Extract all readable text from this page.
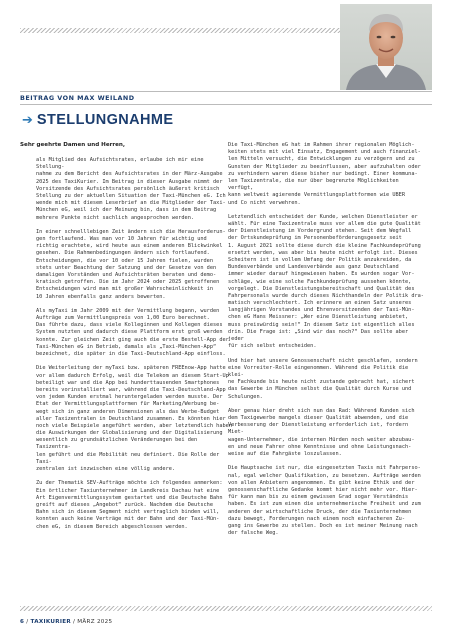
BEITRAG VON MAX WEILAND
➔ STELLUNGNAHME
Sehr geehrte Damen und Herren,

als Mitglied des Aufsichtsrates, erlaube ich mir eine Stellung-

nahme zu dem Bericht des Aufsichtsrates in der März-Ausgabe

2025 des TaxiKurier. Im Beitrag in dieser Ausgabe nimmt der

Vorsitzende des Aufsichtsrates persönlich äußerst kritisch

Stellung zu der aktuellen Situation der Taxi-München eG. Ich

wende mich mit diesem Leserbrief an die Mitglieder der Taxi-

München eG, weil ich der Meinung bin, dass in dem Beitrag

mehrere Punkte nicht sachlich angesprochen werden.

In einer schnelllebigen Zeit ändern sich die Herausforderun-

gen fortlaufend. Was man vor 10 Jahren für wichtig und

richtig erachtete, wird heute aus einem anderen Blickwinkel

gesehen. Die Rahmenbedingungen ändern sich fortlaufend.

Entscheidungen, die vor 10 oder 15 Jahren fielen, wurden

stets unter Beachtung der Satzung und der Gesetze von den

damaligen Vorständen und Aufsichtsräten beraten und demo-

kratisch getroffen. Die im Jahr 2024 oder 2025 getroffenen

Entscheidungen wird man mit großer Wahrscheinlichkeit in

10 Jahren ebenfalls ganz anders bewerten.

Als myTaxi im Jahr 2009 mit der Vermittlung begann, wurden

Aufträge zum Vermittlungspreis von 1,00 Euro berechnet.

Das führte dazu, dass viele Kolleginnen und Kollegen dieses

System nutzten und dadurch diese Plattform erst groß werden

konnte. Zur gleichen Zeit ging auch die erste Bestell-App der

Taxi-München eG in Betrieb, damals als „Taxi-München-App“

bezeichnet, die später in die Taxi-Deutschland-App einfloss.

Die Weiterleitung der myTaxi bzw. späteren FREEnow-App hatte

vor allem dadurch Erfolg, weil die Telekom an diesem Start-Up

beteiligt war und die App bei hunderttausenden Smartphones

bereits vorinstalliert war, während die Taxi-Deutschland-App

von jedem Kunden erstmal heruntergeladen werden musste. Der

Etat der Vermittlungsplattformen für Marketing/Werbung be-

wegt sich in ganz anderen Dimensionen als das Werbe-Budget

aller Taxizentralen in Deutschland zusammen. Es könnten hier

noch viele Beispiele angeführt werden, aber letztendlich haben

die Auswirkungen der Globalisierung und der Digitalisierung

wesentlich zu grundsätzlichen Veränderungen bei den Taxizentra-

len geführt und die Mobilität neu definiert. Die Rolle der Taxi-

zentralen ist inzwischen eine völlig andere.

Zu der Thematik SEV-Aufträge möchte ich folgendes anmerken:

Ein örtlicher Taxiunternehmer im Landkreis Dachau hat eine

Art Eigenvermittlungssystem gestartet und die Deutsche Bahn

greift auf dieses „Angebot“ zurück. Nachdem die Deutsche

Bahn sich in diesem Segment nicht vertraglich binden will,

konnten auch keine Verträge mit der Bahn und der Taxi-Mün-

chen eG, in diesem Bereich abgeschlossen werden.

Die Taxi-München eG hat im Rahmen ihrer regionalen Möglich-

keiten stets mit viel Einsatz, Engagement und auch finanziel-

len Mitteln versucht, die Entwicklungen zu verzögern und zu

Gunsten der Mitglieder zu beeinflussen, aber aufzuhalten oder

zu verhindern waren diese bisher nur bedingt. Einer kommuna-

len Taxizentrale, die nur über begrenzte Möglichkeiten verfügt,

kann weltweit agierende Vermittlungsplattformen wie UBER

und Co nicht verwehren.

Letztendlich entscheidet der Kunde, welchen Dienstleister er

wählt. Für eine Taxizentrale muss vor allem die gute Qualität

der Dienstleistung im Vordergrund stehen. Seit dem Wegfall

der Ortskundeprüfung im Personenbeförderungsgesetz seit

1. August 2021 sollte diese durch die kleine Fachkundeprüfung

ersetzt werden, was aber bis heute nicht erfolgt ist. Dieses

Scheitern ist in vollem Umfang der Politik anzukreiden, da

Bundesverbände und Landesverbände aus ganz Deutschland

immer wieder darauf hingewiesen haben. Es wurden sogar Vor-

schläge, wie eine solche Fachkundeprüfung aussehen könnte,

vorgelegt. Die Dienstleistungsbereitschaft und Qualität des

Fahrpersonals wurde durch dieses Nichthandeln der Politik dra-

matisch verschlechtert. Ich erinnere an einen Satz unseres

langjährigen Vorstandes und Ehrenvorsitzenden der Taxi-Mün-

chen eG Hans Meissner: „Wer eine Dienstleistung anbietet,

muss preiswürdig sein!“ In diesem Satz ist eigentlich alles

drin. Die Frage ist: „Sind wir das noch?“ Das sollte aber jeder

für sich selbst entscheiden.

Und hier hat unsere Genossenschaft nicht geschlafen, sondern

eine Vorreiter-Rolle eingenommen. Während die Politik die klei-

ne Fachkunde bis heute nicht zustande gebracht hat, sichert

das Gewerbe in München selbst die Qualität durch Kurse und

Schulungen.

Aber genau hier dreht sich nun das Rad: Während Kunden sich

dem Taxigewerbe mangels dieser Qualität abwenden, und die

Verbesserung der Dienstleistung erforderlich ist, fordern Miet-

wagen-Unternehmer, die internen Hürden noch weiter abzubau-

en und neue Fahrer ohne Kenntnisse und ohne Leistungsnach-

weise auf die Fahrgäste loszulassen.

Die Hauptsache ist nur, die eingesetzten Taxis mit Fahrperso-

nal, egal welcher Qualifikation, zu besetzen. Aufträge werden

von allen Anbietern angenommen. Es gibt keine Ethik und der

genossenschaftliche Gedanke kommt hier nicht mehr vor. Hier-

für kann man bis zu einem gewissen Grad sogar Verständnis

haben. Es ist zum einen die unternehmerische Freiheit und zum

anderen der wirtschaftliche Druck, der die Taxiunternehmen

dazu bewegt, Forderungen nach einem noch einfacheren Zu-

gang ins Gewerbe zu stellen. Doch es ist meiner Meinung nach

der falsche Weg.

6 / TAXIKURIER / MÄRZ 2025
